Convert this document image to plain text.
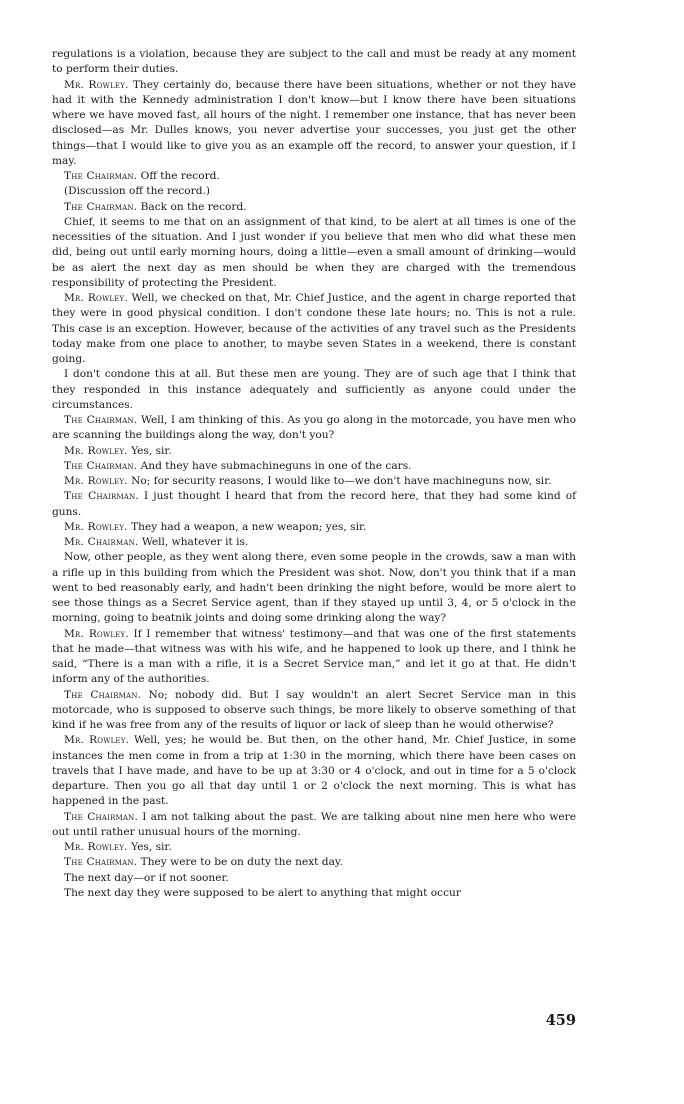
regulations is a violation, because they are subject to the call and must be ready at any moment to perform their duties.

Mr. Rowley. They certainly do, because there have been situations, whether or not they have had it with the Kennedy administration I don't know—but I know there have been situations where we have moved fast, all hours of the night. I remember one instance, that has never been disclosed—as Mr. Dulles knows, you never advertise your successes, you just get the other things—that I would like to give you as an example off the record, to answer your question, if I may.

The Chairman. Off the record.

(Discussion off the record.)

The Chairman. Back on the record.

Chief, it seems to me that on an assignment of that kind, to be alert at all times is one of the necessities of the situation. And I just wonder if you believe that men who did what these men did, being out until early morning hours, doing a little—even a small amount of drinking—would be as alert the next day as men should be when they are charged with the tremendous responsibility of protecting the President.

Mr. Rowley. Well, we checked on that, Mr. Chief Justice, and the agent in charge reported that they were in good physical condition. I don't condone these late hours; no. This is not a rule. This case is an exception. However, because of the activities of any travel such as the Presidents today make from one place to another, to maybe seven States in a weekend, there is constant going.

I don't condone this at all. But these men are young. They are of such age that I think that they responded in this instance adequately and sufficiently as anyone could under the circumstances.

The Chairman. Well, I am thinking of this. As you go along in the motorcade, you have men who are scanning the buildings along the way, don't you?

Mr. Rowley. Yes, sir.

The Chairman. And they have submachineguns in one of the cars.

Mr. Rowley. No; for security reasons, I would like to—we don't have machineguns now, sir.

The Chairman. I just thought I heard that from the record here, that they had some kind of guns.

Mr. Rowley. They had a weapon, a new weapon; yes, sir.

Mr. Chairman. Well, whatever it is.

Now, other people, as they went along there, even some people in the crowds, saw a man with a rifle up in this building from which the President was shot. Now, don't you think that if a man went to bed reasonably early, and hadn't been drinking the night before, would be more alert to see those things as a Secret Service agent, than if they stayed up until 3, 4, or 5 o'clock in the morning, going to beatnik joints and doing some drinking along the way?

Mr. Rowley. If I remember that witness' testimony—and that was one of the first statements that he made—that witness was with his wife, and he happened to look up there, and I think he said, “There is a man with a rifle, it is a Secret Service man,” and let it go at that. He didn't inform any of the authorities.

The Chairman. No; nobody did. But I say wouldn't an alert Secret Service man in this motorcade, who is supposed to observe such things, be more likely to observe something of that kind if he was free from any of the results of liquor or lack of sleep than he would otherwise?

Mr. Rowley. Well, yes; he would be. But then, on the other hand, Mr. Chief Justice, in some instances the men come in from a trip at 1:30 in the morning, which there have been cases on travels that I have made, and have to be up at 3:30 or 4 o'clock, and out in time for a 5 o'clock departure. Then you go all that day until 1 or 2 o'clock the next morning. This is what has happened in the past.

The Chairman. I am not talking about the past. We are talking about nine men here who were out until rather unusual hours of the morning.

Mr. Rowley. Yes, sir.

The Chairman. They were to be on duty the next day.

The next day—or if not sooner.

The next day they were supposed to be alert to anything that might occur

459
